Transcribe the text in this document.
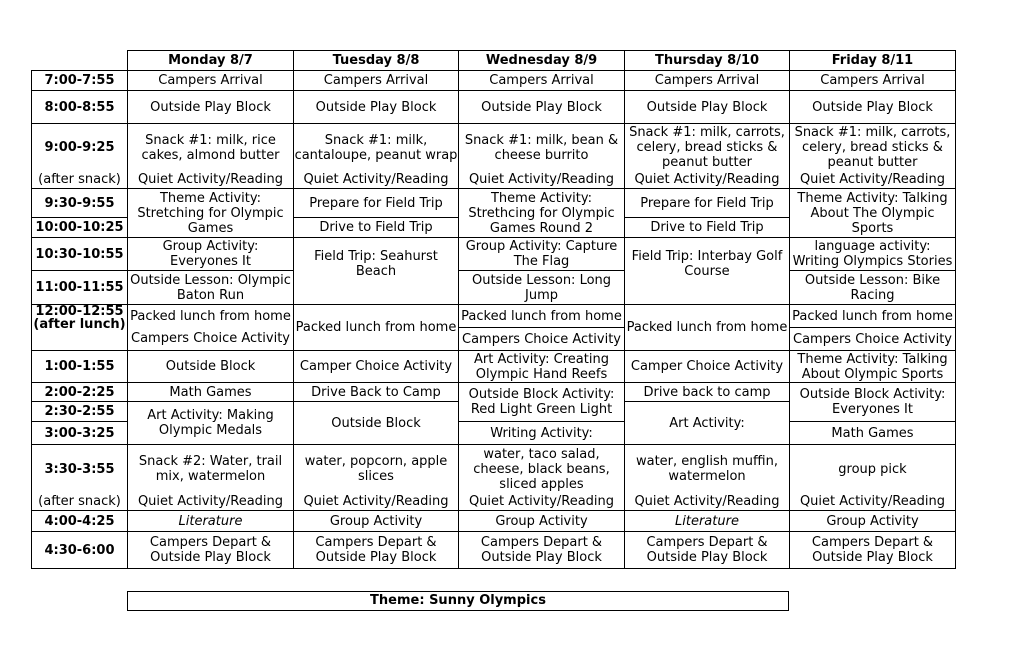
	Monday 8/7	Tuesday 8/8	Wednesday 8/9	Thursday 8/10	Friday 8/11
7:00-7:55	Campers Arrival	Campers Arrival	Campers Arrival	Campers Arrival	Campers Arrival
8:00-8:55	Outside Play Block	Outside Play Block	Outside Play Block	Outside Play Block	Outside Play Block
9:00-9:25	Snack #1: milk, rice cakes, almond butter	Snack #1: milk, cantaloupe, peanut wrap	Snack #1: milk, bean & cheese burrito	Snack #1: milk, carrots, celery, bread sticks & peanut butter	Snack #1: milk, carrots, celery, bread sticks & peanut butter
(after snack)	Quiet Activity/Reading	Quiet Activity/Reading	Quiet Activity/Reading	Quiet Activity/Reading	Quiet Activity/Reading
9:30-9:55	Theme Activity: Stretching for Olympic Games	Prepare for Field Trip	Theme Activity: Strethcing for Olympic Games Round 2	Prepare for Field Trip	Theme Activity: Talking About The Olympic Sports
10:00-10:25		Drive to Field Trip		Drive to Field Trip	
10:30-10:55	Group Activity: Everyones It	Field Trip: Seahurst Beach	Group Activity: Capture The Flag	Field Trip: Interbay Golf Course	language activity: Writing Olympics Stories
11:00-11:55	Outside Lesson: Olympic Baton Run		Outside Lesson: Long Jump		Outside Lesson: Bike Racing

12:00-12:55 (after lunch)	Packed lunch from home	Packed lunch from home	Packed lunch from home	Packed lunch from home	Packed lunch from home
	Campers Choice Activity		Campers Choice Activity		Campers Choice Activity
1:00-1:55	Outside Block	Camper Choice Activity	Art Activity: Creating Olympic Hand Reefs	Camper Choice Activity	Theme Activity: Talking About Olympic Sports
2:00-2:25	Math Games	Drive Back to Camp	Outside Block Activity: Red Light Green Light	Drive back to camp	Outside Block Activity: Everyones It
2:30-2:55	Art Activity: Making Olympic Medals	Outside Block		Art Activity:	
3:00-3:25			Writing Activity:		Math Games
3:30-3:55	Snack #2: Water, trail mix, watermelon	water, popcorn, apple slices	water, taco salad, cheese, black beans, sliced apples	water, english muffin, watermelon	group pick
(after snack)	Quiet Activity/Reading	Quiet Activity/Reading	Quiet Activity/Reading	Quiet Activity/Reading	Quiet Activity/Reading
4:00-4:25	Literature	Group Activity	Group Activity	Literature	Group Activity
4:30-6:00	Campers Depart & Outside Play Block	Campers Depart & Outside Play Block	Campers Depart & Outside Play Block	Campers Depart & Outside Play Block	Campers Depart & Outside Play Block
Theme: Sunny Olympics
